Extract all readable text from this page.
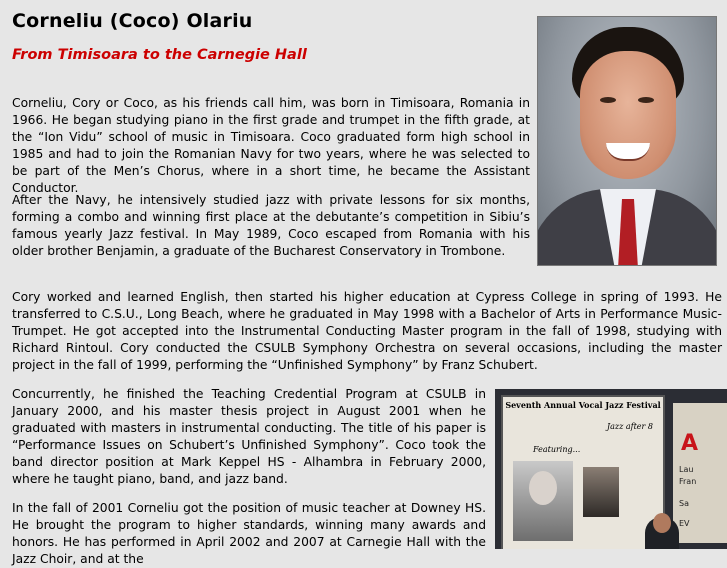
Corneliu (Coco) Olariu
From Timisoara to the Carnegie Hall

Corneliu, Cory or Coco, as his friends call him, was born in Timisoara, Romania in 1966. He began studying piano in the first grade and trumpet in the fifth grade, at the “Ion Vidu” school of music in Timisoara. Coco graduated form high school in 1985 and had to join the Romanian Navy for two years, where he was selected to be part of the Men’s Chorus, where in a short time, he became the Assistant Conductor.

After the Navy, he intensively studied jazz with private lessons for six months, forming a combo and winning first place at the debutante’s competition in Sibiu’s famous yearly Jazz festival. In May 1989, Coco escaped from Romania with his older brother Benjamin, a graduate of the Bucharest Conservatory in Trombone.

Cory worked and learned English, then started his higher education at Cypress College in spring of 1993. He transferred to C.S.U., Long Beach, where he graduated in May 1998 with a Bachelor of Arts in Performance Music-Trumpet. He got accepted into the Instrumental Conducting Master program in the fall of 1998, studying with Richard Rintoul. Cory conducted the CSULB Symphony Orchestra on several occasions, including the master project in the fall of 1999, performing the “Unfinished Symphony” by Franz Schubert.

Concurrently, he finished the Teaching Credential Program at CSULB in January 2000, and his master thesis project in August 2001 when he graduated with masters in instrumental conducting. The title of his paper is “Performance Issues on Schubert’s Unfinished Symphony”. Coco took the band director position at Mark Keppel HS - Alhambra in February 2000, where he taught piano, band, and jazz band.

In the fall of 2001 Corneliu got the position of music teacher at Downey HS. He brought the program to higher standards, winning many awards and honors. He has performed in April 2002 and 2007 at Carnegie Hall with the Jazz Choir, and at the

Seventh Annual Vocal Jazz Festival
Jazz after 8
Featuring...	A
Lau
Fran
Sa
EV
